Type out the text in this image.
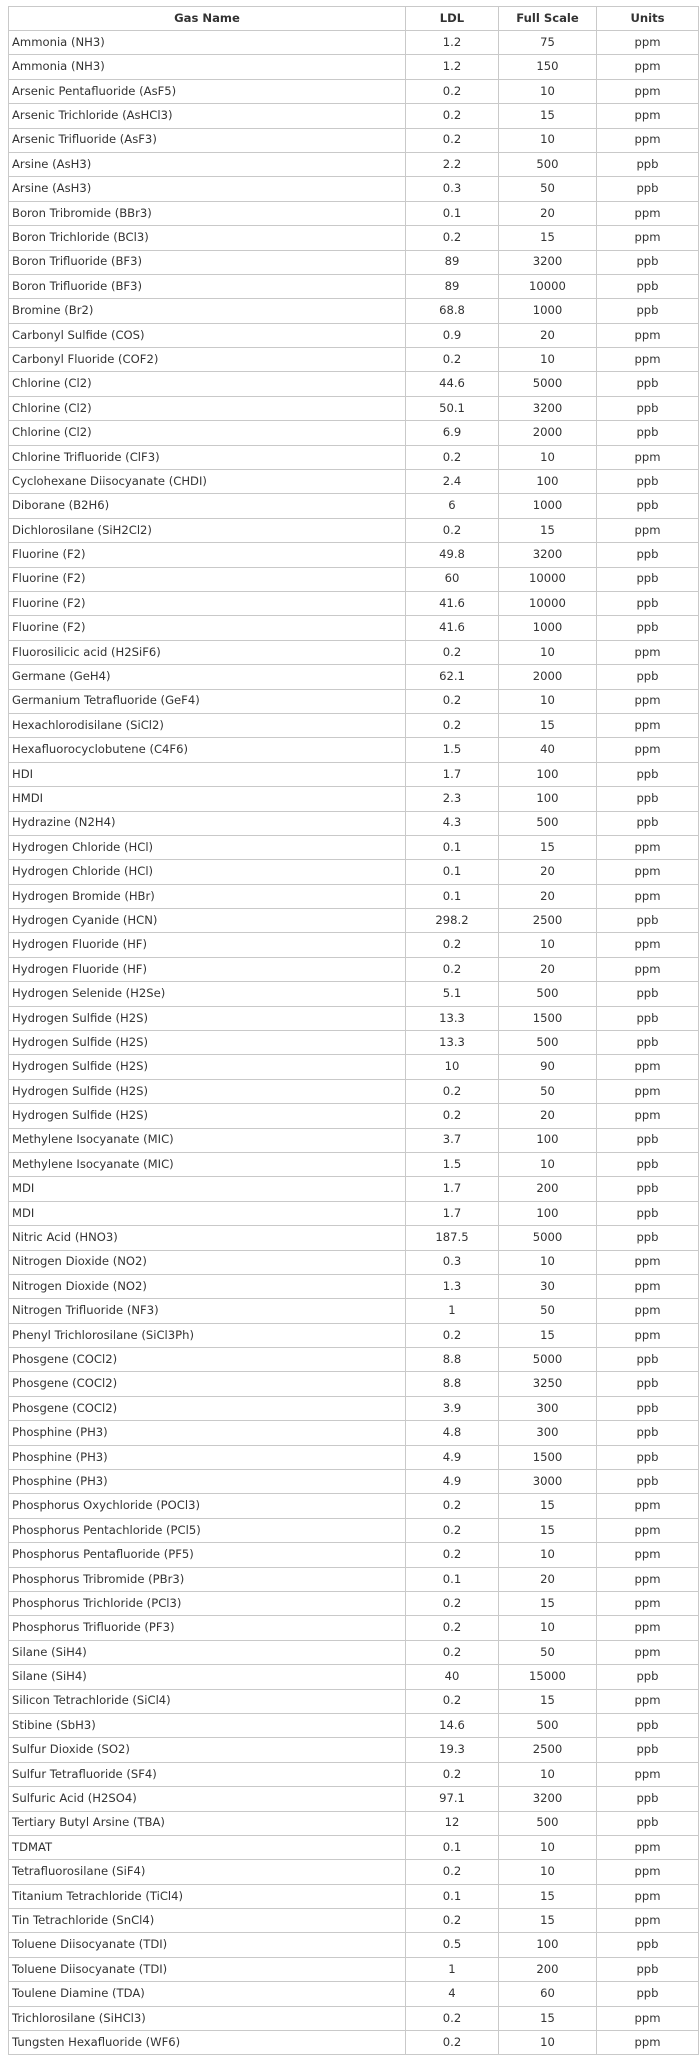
Gas Name	LDL	Full Scale	Units
Ammonia (NH3)	1.2	75	ppm
Ammonia (NH3)	1.2	150	ppm
Arsenic Pentafluoride (AsF5)	0.2	10	ppm
Arsenic Trichloride (AsHCl3)	0.2	15	ppm
Arsenic Trifluoride (AsF3)	0.2	10	ppm
Arsine (AsH3)	2.2	500	ppb
Arsine (AsH3)	0.3	50	ppb
Boron Tribromide (BBr3)	0.1	20	ppm
Boron Trichloride (BCl3)	0.2	15	ppm
Boron Trifluoride (BF3)	89	3200	ppb
Boron Trifluoride (BF3)	89	10000	ppb
Bromine (Br2)	68.8	1000	ppb
Carbonyl Sulfide (COS)	0.9	20	ppm
Carbonyl Fluoride (COF2)	0.2	10	ppm
Chlorine (Cl2)	44.6	5000	ppb
Chlorine (Cl2)	50.1	3200	ppb
Chlorine (Cl2)	6.9	2000	ppb
Chlorine Trifluoride (ClF3)	0.2	10	ppm
Cyclohexane Diisocyanate (CHDI)	2.4	100	ppb
Diborane (B2H6)	6	1000	ppb
Dichlorosilane (SiH2Cl2)	0.2	15	ppm
Fluorine (F2)	49.8	3200	ppb
Fluorine (F2)	60	10000	ppb
Fluorine (F2)	41.6	10000	ppb
Fluorine (F2)	41.6	1000	ppb
Fluorosilicic acid (H2SiF6)	0.2	10	ppm
Germane (GeH4)	62.1	2000	ppb
Germanium Tetrafluoride (GeF4)	0.2	10	ppm
Hexachlorodisilane (SiCl2)	0.2	15	ppm
Hexafluorocyclobutene (C4F6)	1.5	40	ppm
HDI	1.7	100	ppb
HMDI	2.3	100	ppb
Hydrazine (N2H4)	4.3	500	ppb
Hydrogen Chloride (HCl)	0.1	15	ppm
Hydrogen Chloride (HCl)	0.1	20	ppm
Hydrogen Bromide (HBr)	0.1	20	ppm
Hydrogen Cyanide (HCN)	298.2	2500	ppb
Hydrogen Fluoride (HF)	0.2	10	ppm
Hydrogen Fluoride (HF)	0.2	20	ppm
Hydrogen Selenide (H2Se)	5.1	500	ppb
Hydrogen Sulfide (H2S)	13.3	1500	ppb
Hydrogen Sulfide (H2S)	13.3	500	ppb
Hydrogen Sulfide (H2S)	10	90	ppm
Hydrogen Sulfide (H2S)	0.2	50	ppm
Hydrogen Sulfide (H2S)	0.2	20	ppm
Methylene Isocyanate (MIC)	3.7	100	ppb
Methylene Isocyanate (MIC)	1.5	10	ppb
MDI	1.7	200	ppb
MDI	1.7	100	ppb
Nitric Acid (HNO3)	187.5	5000	ppb
Nitrogen Dioxide (NO2)	0.3	10	ppm
Nitrogen Dioxide (NO2)	1.3	30	ppm
Nitrogen Trifluoride (NF3)	1	50	ppm
Phenyl Trichlorosilane (SiCl3Ph)	0.2	15	ppm
Phosgene (COCl2)	8.8	5000	ppb
Phosgene (COCl2)	8.8	3250	ppb
Phosgene (COCl2)	3.9	300	ppb
Phosphine (PH3)	4.8	300	ppb
Phosphine (PH3)	4.9	1500	ppb
Phosphine (PH3)	4.9	3000	ppb
Phosphorus Oxychloride (POCl3)	0.2	15	ppm
Phosphorus Pentachloride (PCl5)	0.2	15	ppm
Phosphorus Pentafluoride (PF5)	0.2	10	ppm
Phosphorus Tribromide (PBr3)	0.1	20	ppm
Phosphorus Trichloride (PCl3)	0.2	15	ppm
Phosphorus Trifluoride (PF3)	0.2	10	ppm
Silane (SiH4)	0.2	50	ppm
Silane (SiH4)	40	15000	ppb
Silicon Tetrachloride (SiCl4)	0.2	15	ppm
Stibine (SbH3)	14.6	500	ppb
Sulfur Dioxide (SO2)	19.3	2500	ppb
Sulfur Tetrafluoride (SF4)	0.2	10	ppm
Sulfuric Acid (H2SO4)	97.1	3200	ppb
Tertiary Butyl Arsine (TBA)	12	500	ppb
TDMAT	0.1	10	ppm
Tetrafluorosilane (SiF4)	0.2	10	ppm
Titanium Tetrachloride (TiCl4)	0.1	15	ppm
Tin Tetrachloride (SnCl4)	0.2	15	ppm
Toluene Diisocyanate (TDI)	0.5	100	ppb
Toluene Diisocyanate (TDI)	1	200	ppb
Toulene Diamine (TDA)	4	60	ppb
Trichlorosilane (SiHCl3)	0.2	15	ppm
Tungsten Hexafluoride (WF6)	0.2	10	ppm
